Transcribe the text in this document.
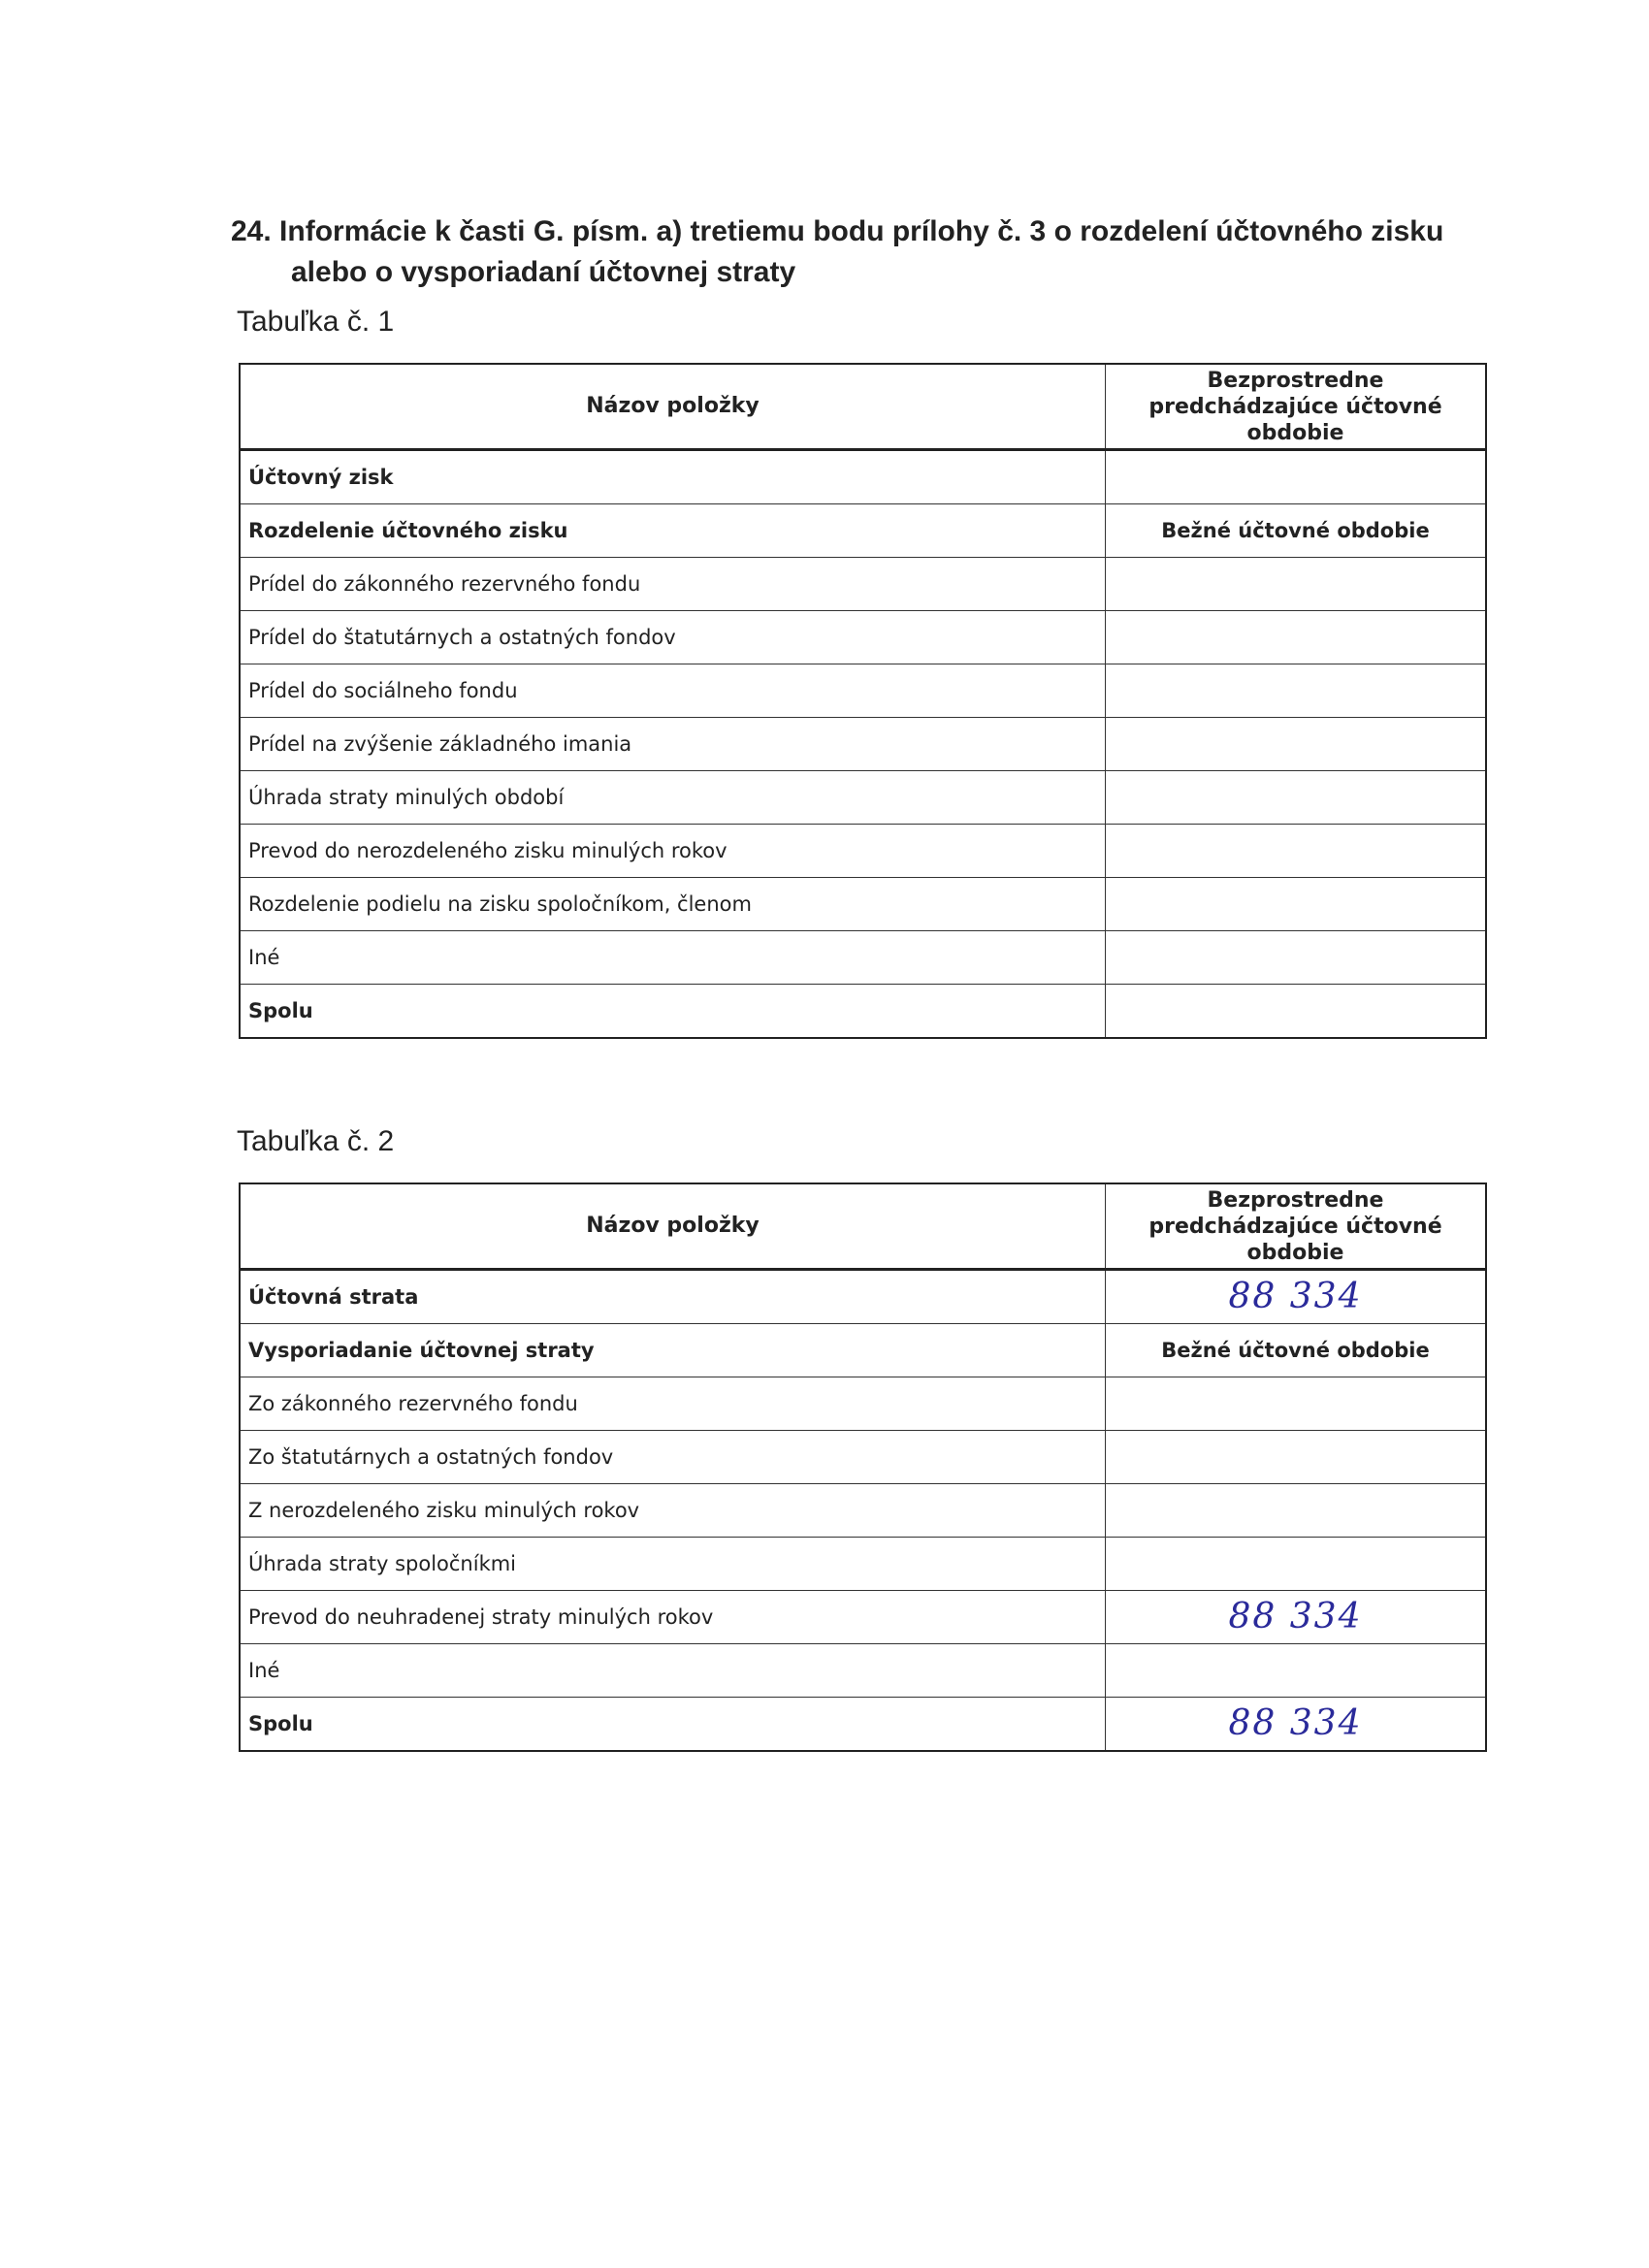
24. Informácie k časti G. písm. a) tretiemu bodu prílohy č. 3 o rozdelení účtovného zisku
alebo o vysporiadaní účtovnej straty
Tabuľka č. 1
Názov položky	Bezprostredne predchádzajúce účtovné obdobie
Účtovný zisk	
Rozdelenie účtovného zisku	Bežné účtovné obdobie
Prídel do zákonného rezervného fondu	
Prídel do štatutárnych a ostatných fondov	
Prídel do sociálneho fondu	
Prídel na zvýšenie základného imania	
Úhrada straty minulých období	
Prevod do nerozdeleného zisku minulých rokov	
Rozdelenie podielu na zisku spoločníkom, členom	
Iné	
Spolu	
Tabuľka č. 2
Názov položky	Bezprostredne predchádzajúce účtovné obdobie
Účtovná strata	88 334
Vysporiadanie účtovnej straty	Bežné účtovné obdobie
Zo zákonného rezervného fondu	
Zo štatutárnych a ostatných fondov	
Z nerozdeleného zisku minulých rokov	
Úhrada straty spoločníkmi	
Prevod do neuhradenej straty minulých rokov	88 334
Iné	
Spolu	88 334
